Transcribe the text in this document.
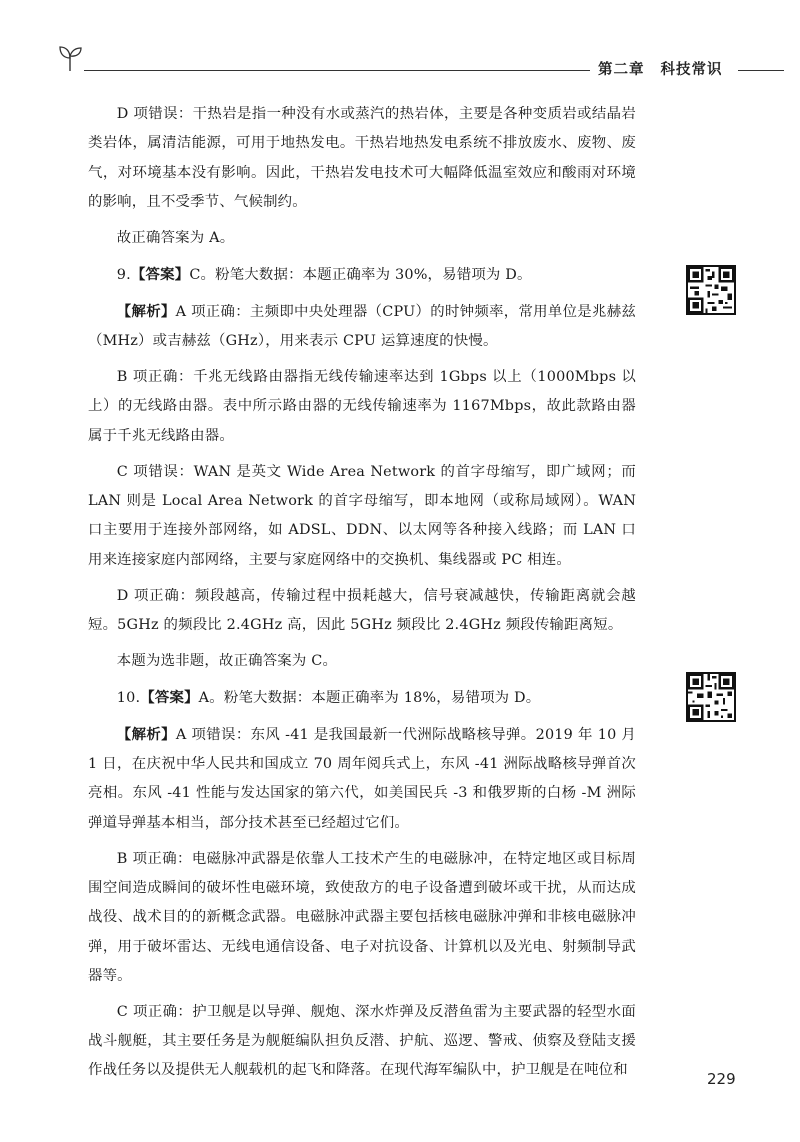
第二章 科技常识

D 项错误：干热岩是指一种没有水或蒸汽的热岩体，主要是各种变质岩或结晶岩类岩体，属清洁能源，可用于地热发电。干热岩地热发电系统不排放废水、废物、废气，对环境基本没有影响。因此，干热岩发电技术可大幅降低温室效应和酸雨对环境的影响，且不受季节、气候制约。

故正确答案为 A。

9.【答案】C。粉笔大数据：本题正确率为 30%，易错项为 D。

【解析】A 项正确：主频即中央处理器（CPU）的时钟频率，常用单位是兆赫兹（MHz）或吉赫兹（GHz），用来表示 CPU 运算速度的快慢。

B 项正确：千兆无线路由器指无线传输速率达到 1Gbps 以上（1000Mbps 以上）的无线路由器。表中所示路由器的无线传输速率为 1167Mbps，故此款路由器属于千兆无线路由器。

C 项错误：WAN 是英文 Wide Area Network 的首字母缩写，即广域网；而 LAN 则是 Local Area Network 的首字母缩写，即本地网（或称局域网）。WAN 口主要用于连接外部网络，如 ADSL、DDN、以太网等各种接入线路；而 LAN 口用来连接家庭内部网络，主要与家庭网络中的交换机、集线器或 PC 相连。

D 项正确：频段越高，传输过程中损耗越大，信号衰减越快，传输距离就会越短。5GHz 的频段比 2.4GHz 高，因此 5GHz 频段比 2.4GHz 频段传输距离短。

本题为选非题，故正确答案为 C。

10.【答案】A。粉笔大数据：本题正确率为 18%，易错项为 D。

【解析】A 项错误：东风 -41 是我国最新一代洲际战略核导弹。2019 年 10 月 1 日，在庆祝中华人民共和国成立 70 周年阅兵式上，东风 -41 洲际战略核导弹首次亮相。东风 -41 性能与发达国家的第六代，如美国民兵 -3 和俄罗斯的白杨 -M 洲际弹道导弹基本相当，部分技术甚至已经超过它们。

B 项正确：电磁脉冲武器是依靠人工技术产生的电磁脉冲，在特定地区或目标周围空间造成瞬间的破坏性电磁环境，致使敌方的电子设备遭到破坏或干扰，从而达成战役、战术目的的新概念武器。电磁脉冲武器主要包括核电磁脉冲弹和非核电磁脉冲弹，用于破坏雷达、无线电通信设备、电子对抗设备、计算机以及光电、射频制导武器等。

C 项正确：护卫舰是以导弹、舰炮、深水炸弹及反潜鱼雷为主要武器的轻型水面战斗舰艇，其主要任务是为舰艇编队担负反潜、护航、巡逻、警戒、侦察及登陆支援作战任务以及提供无人舰载机的起飞和降落。在现代海军编队中，护卫舰是在吨位和	229
